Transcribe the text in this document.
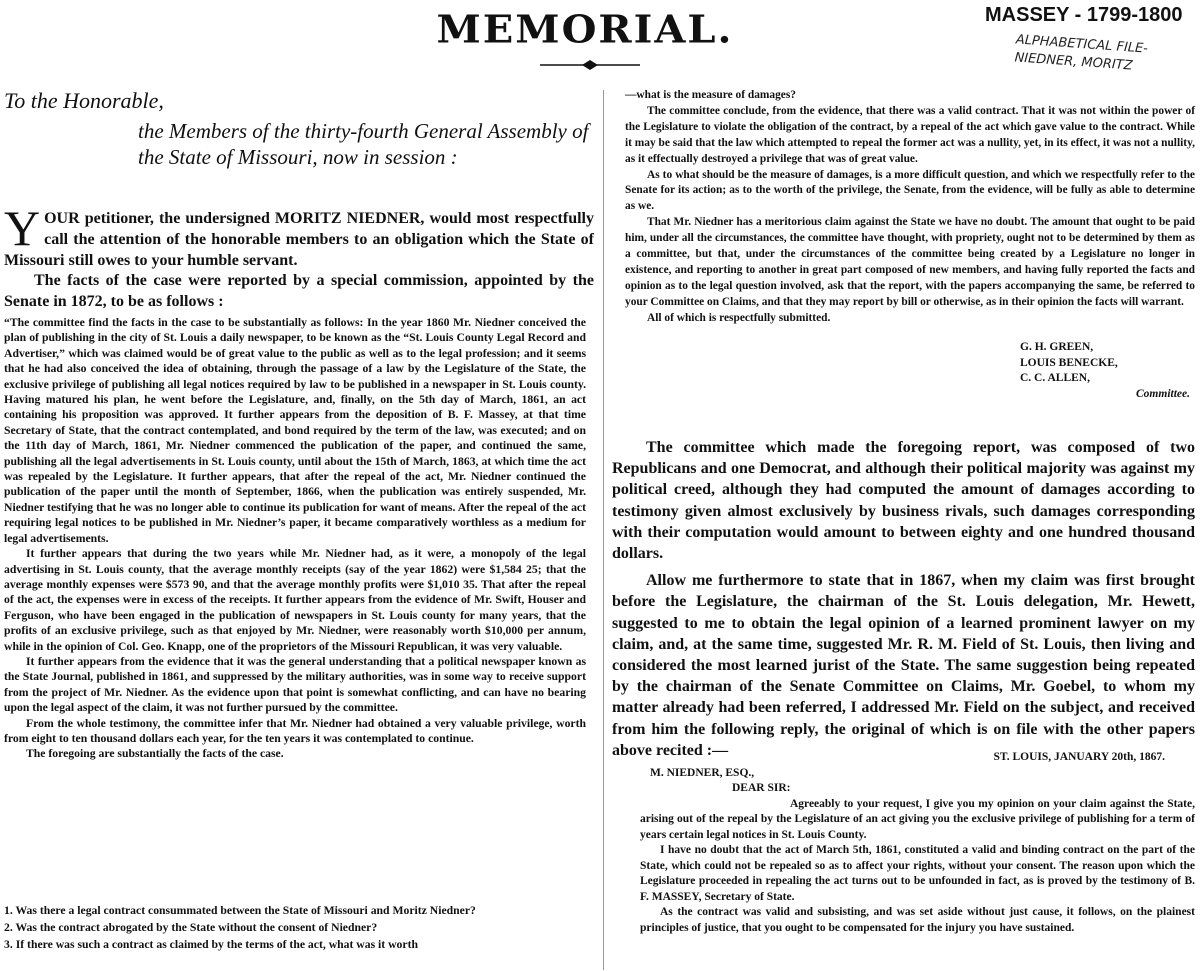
MEMORIAL.	MASSEY - 1799-1800
ALPHABETICAL FILE-
NIEDNER, MORITZ
To the Honorable,
the Members of the thirty-fourth General Assembly of the State of Missouri, now in session :
YOUR petitioner, the undersigned MORITZ NIEDNER, would most respectfully call the attention of the honorable members to an obligation which the State of Missouri still owes to your humble servant.
The facts of the case were reported by a special commission, appointed by the Senate in 1872, to be as follows :

“The committee find the facts in the case to be substantially as follows: In the year 1860 Mr. Niedner conceived the plan of publishing in the city of St. Louis a daily newspaper, to be known as the “St. Louis County Legal Record and Advertiser,” which was claimed would be of great value to the public as well as to the legal profession; and it seems that he had also conceived the idea of obtaining, through the passage of a law by the Legislature of the State, the exclusive privilege of publishing all legal notices required by law to be published in a newspaper in St. Louis county. Having matured his plan, he went before the Legislature, and, finally, on the 5th day of March, 1861, an act containing his proposition was approved. It further appears from the deposition of B. F. Massey, at that time Secretary of State, that the contract contemplated, and bond required by the term of the law, was executed; and on the 11th day of March, 1861, Mr. Niedner commenced the publication of the paper, and continued the same, publishing all the legal advertisements in St. Louis county, until about the 15th of March, 1863, at which time the act was repealed by the Legislature. It further appears, that after the repeal of the act, Mr. Niedner continued the publication of the paper until the month of September, 1866, when the publication was entirely suspended, Mr. Niedner testifying that he was no longer able to continue its publication for want of means. After the repeal of the act requiring legal notices to be published in Mr. Niedner’s paper, it became comparatively worthless as a medium for legal advertisements.

It further appears that during the two years while Mr. Niedner had, as it were, a monopoly of the legal advertising in St. Louis county, that the average monthly receipts (say of the year 1862) were $1,584 25; that the average monthly expenses were $573 90, and that the average monthly profits were $1,010 35. That after the repeal of the act, the expenses were in excess of the receipts. It further appears from the evidence of Mr. Swift, Houser and Ferguson, who have been engaged in the publication of newspapers in St. Louis county for many years, that the profits of an exclusive privilege, such as that enjoyed by Mr. Niedner, were reasonably worth $10,000 per annum, while in the opinion of Col. Geo. Knapp, one of the proprietors of the Missouri Republican, it was very valuable.

It further appears from the evidence that it was the general understanding that a political newspaper known as the State Journal, published in 1861, and suppressed by the military authorities, was in some way to receive support from the project of Mr. Niedner. As the evidence upon that point is somewhat conflicting, and can have no bearing upon the legal aspect of the claim, it was not further pursued by the committee.

From the whole testimony, the committee infer that Mr. Niedner had obtained a very valuable privilege, worth from eight to ten thousand dollars each year, for the ten years it was contemplated to continue.

The foregoing are substantially the facts of the case.

1. Was there a legal contract consummated between the State of Missouri and Moritz Niedner?
2. Was the contract abrogated by the State without the consent of Niedner?
3. If there was such a contract as claimed by the terms of the act, what was it worth

—what is the measure of damages?

The committee conclude, from the evidence, that there was a valid contract. That it was not within the power of the Legislature to violate the obligation of the contract, by a repeal of the act which gave value to the contract. While it may be said that the law which attempted to repeal the former act was a nullity, yet, in its effect, it was not a nullity, as it effectually destroyed a privilege that was of great value.

As to what should be the measure of damages, is a more difficult question, and which we respectfully refer to the Senate for its action; as to the worth of the privilege, the Senate, from the evidence, will be fully as able to determine as we.

That Mr. Niedner has a meritorious claim against the State we have no doubt. The amount that ought to be paid him, under all the circumstances, the committee have thought, with propriety, ought not to be determined by them as a committee, but that, under the circumstances of the committee being created by a Legislature no longer in existence, and reporting to another in great part composed of new members, and having fully reported the facts and opinion as to the legal question involved, ask that the report, with the papers accompanying the same, be referred to your Committee on Claims, and that they may report by bill or otherwise, as in their opinion the facts will warrant.

All of which is respectfully submitted.

G. H. GREEN,
LOUIS BENECKE,
C. C. ALLEN,
Committee.

The committee which made the foregoing report, was composed of two Republicans and one Democrat, and although their political majority was against my political creed, although they had computed the amount of damages according to testimony given almost exclusively by business rivals, such damages corresponding with their computation would amount to between eighty and one hundred thousand dollars.

Allow me furthermore to state that in 1867, when my claim was first brought before the Legislature, the chairman of the St. Louis delegation, Mr. Hewett, suggested to me to obtain the legal opinion of a learned prominent lawyer on my claim, and, at the same time, suggested Mr. R. M. Field of St. Louis, then living and considered the most learned jurist of the State. The same suggestion being repeated by the chairman of the Senate Committee on Claims, Mr. Goebel, to whom my matter already had been referred, I addressed Mr. Field on the subject, and received from him the following reply, the original of which is on file with the other papers above recited :—	ST. LOUIS, JANUARY 20th, 1867.
M. NIEDNER, ESQ.,
DEAR SIR:

Agreeably to your request, I give you my opinion on your claim against the State, arising out of the repeal by the Legislature of an act giving you the exclusive privilege of publishing for a term of years certain legal notices in St. Louis County.

I have no doubt that the act of March 5th, 1861, constituted a valid and binding contract on the part of the State, which could not be repealed so as to affect your rights, without your consent. The reason upon which the Legislature proceeded in repealing the act turns out to be unfounded in fact, as is proved by the testimony of B. F. MASSEY, Secretary of State.

As the contract was valid and subsisting, and was set aside without just cause, it follows, on the plainest principles of justice, that you ought to be compensated for the injury you have sustained.
